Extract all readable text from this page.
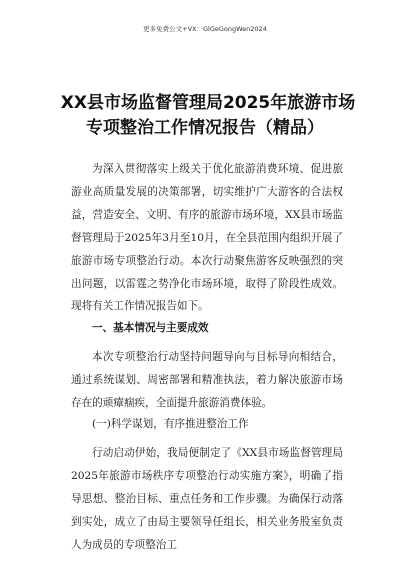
更多免费公文+VX：GlGeGongWen2024
XX县市场监督管理局2025年旅游市场
专项整治工作情况报告（精品）
为深入贯彻落实上级关于优化旅游消费环境、促进旅游业高质量发展的决策部署，切实维护广大游客的合法权益，营造安全、文明、有序的旅游市场环境，XX县市场监督管理局于2025年3月至10月，在全县范围内组织开展了旅游市场专项整治行动。本次行动聚焦游客反映强烈的突出问题，以雷霆之势净化市场环境，取得了阶段性成效。现将有关工作情况报告如下。
一、基本情况与主要成效
本次专项整治行动坚持问题导向与目标导向相结合，通过系统谋划、周密部署和精准执法，着力解决旅游市场存在的顽瘴痼疾，全面提升旅游消费体验。
(一)科学谋划，有序推进整治工作
行动启动伊始，我局便制定了《XX县市场监督管理局2025年旅游市场秩序专项整治行动实施方案》，明确了指导思想、整治目标、重点任务和工作步骤。为确保行动落到实处，成立了由局主要领导任组长，相关业务股室负责人为成员的专项整治工
